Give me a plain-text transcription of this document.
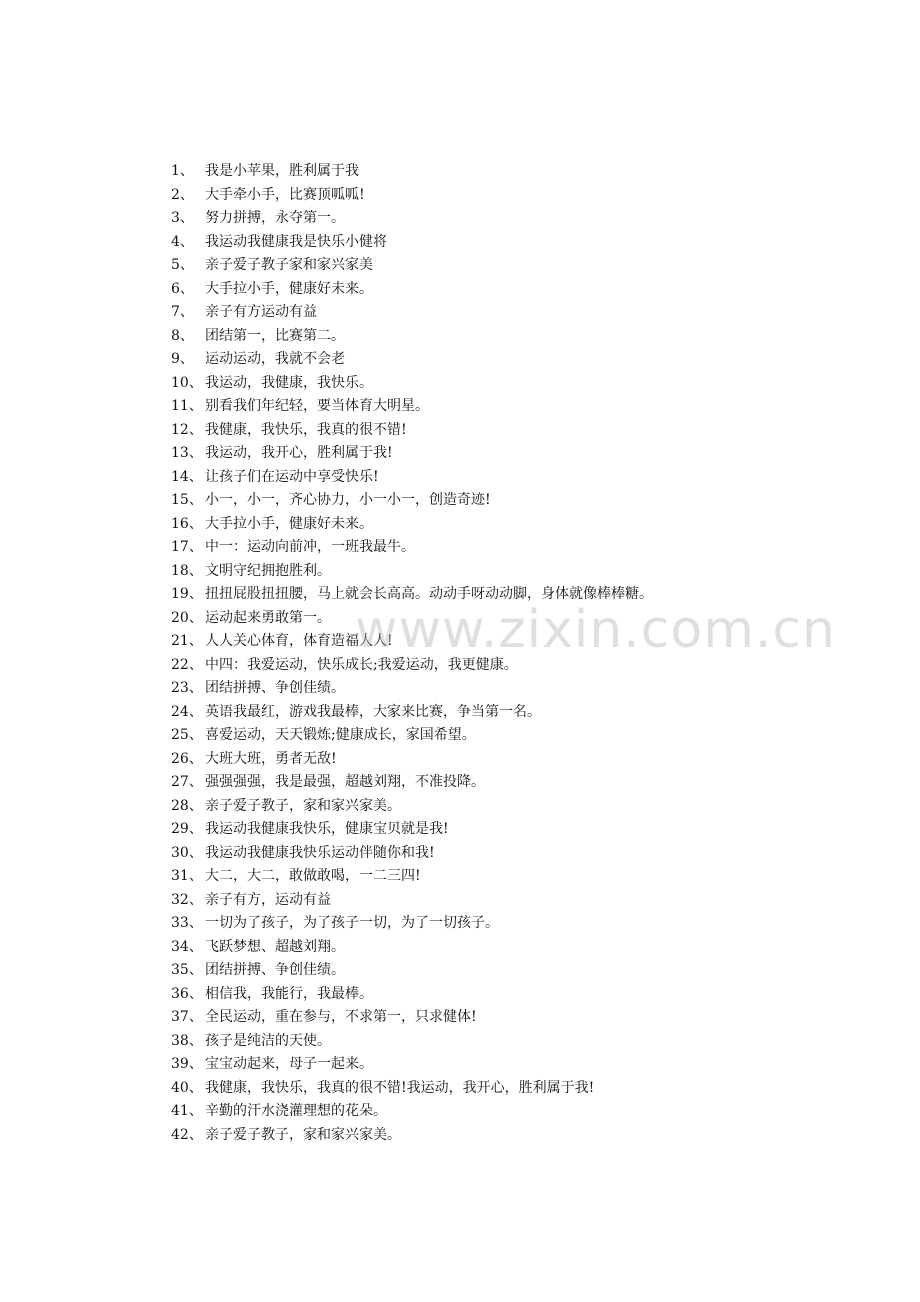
1、 我是小苹果，胜利属于我
2、 大手牵小手，比赛顶呱呱!
3、 努力拼搏，永夺第一。
4、 我运动我健康我是快乐小健将
5、 亲子爱子教子家和家兴家美
6、 大手拉小手，健康好未来。
7、 亲子有方运动有益
8、 团结第一，比赛第二。
9、 运动运动，我就不会老
10、 我运动，我健康，我快乐。
11、 别看我们年纪轻，要当体育大明星。
12、 我健康，我快乐，我真的很不错!
13、 我运动，我开心，胜利属于我!
14、 让孩子们在运动中享受快乐!
15、 小一，小一，齐心协力，小一小一，创造奇迹!
16、 大手拉小手，健康好未来。
17、 中一：运动向前冲，一班我最牛。
18、 文明守纪拥抱胜利。
19、 扭扭屁股扭扭腰，马上就会长高高。动动手呀动动脚，身体就像棒棒糖。
20、 运动起来勇敢第一。
21、 人人关心体育，体育造福人人!
22、 中四：我爱运动，快乐成长;我爱运动，我更健康。
23、 团结拼搏、争创佳绩。
24、 英语我最红，游戏我最棒，大家来比赛，争当第一名。
25、 喜爱运动，天天锻炼;健康成长，家国希望。
26、 大班大班，勇者无敌!
27、 强强强强，我是最强，超越刘翔，不准投降。
28、 亲子爱子教子，家和家兴家美。
29、 我运动我健康我快乐，健康宝贝就是我!
30、 我运动我健康我快乐运动伴随你和我!
31、 大二，大二，敢做敢喝，一二三四!
32、 亲子有方，运动有益
33、 一切为了孩子，为了孩子一切，为了一切孩子。
34、 飞跃梦想、超越刘翔。
35、 团结拼搏、争创佳绩。
36、 相信我，我能行，我最棒。
37、 全民运动，重在参与，不求第一，只求健体!
38、 孩子是纯洁的天使。
39、 宝宝动起来，母子一起来。
40、 我健康，我快乐，我真的很不错!我运动，我开心，胜利属于我!
41、 辛勤的汗水浇灌理想的花朵。
42、 亲子爱子教子，家和家兴家美。
www.zixin.com.cn
